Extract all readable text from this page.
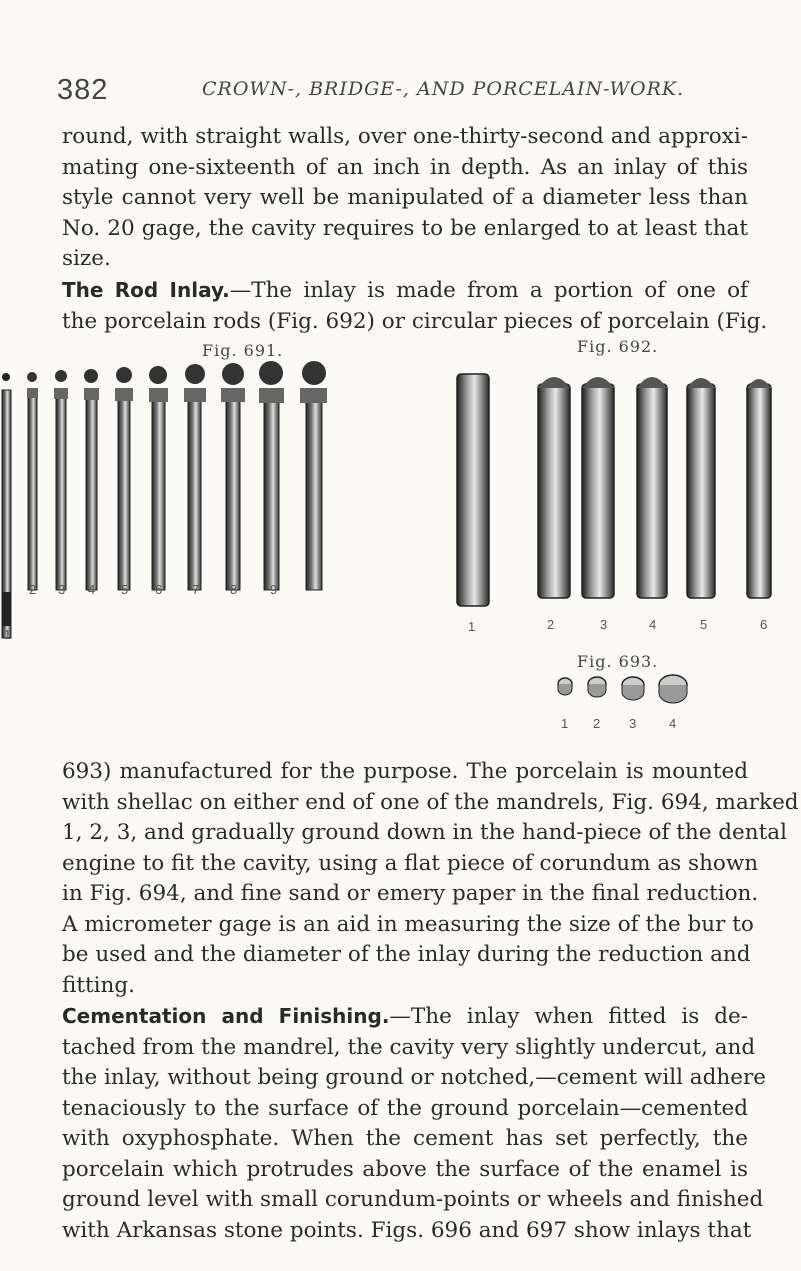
382	CROWN-, BRIDGE-, AND PORCELAIN-WORK.
round, with straight walls, over one-thirty-second and approxi-
mating one-sixteenth of an inch in depth. As an inlay of this
style cannot very well be manipulated of a diameter less than
No. 20 gage, the cavity requires to be enlarged to at least that
size.
The Rod Inlay.—The inlay is made from a portion of one of
the porcelain rods (Fig. 692) or circular pieces of porcelain (Fig.
Fig. 691.	Fig. 692.
Fig. 693.
1
2 3 4 5 6 7 8	9
1	2	3	4	5	6
1 2 3	4
693) manufactured for the purpose. The porcelain is mounted
with shellac on either end of one of the mandrels, Fig. 694, marked
1, 2, 3, and gradually ground down in the hand-piece of the dental
engine to fit the cavity, using a flat piece of corundum as shown
in Fig. 694, and fine sand or emery paper in the final reduction.
A micrometer gage is an aid in measuring the size of the bur to
be used and the diameter of the inlay during the reduction and
fitting.
Cementation and Finishing.—The inlay when fitted is de-
tached from the mandrel, the cavity very slightly undercut, and
the inlay, without being ground or notched,—cement will adhere
tenaciously to the surface of the ground porcelain—cemented
with oxyphosphate. When the cement has set perfectly, the
porcelain which protrudes above the surface of the enamel is
ground level with small corundum-points or wheels and finished
with Arkansas stone points. Figs. 696 and 697 show inlays that
